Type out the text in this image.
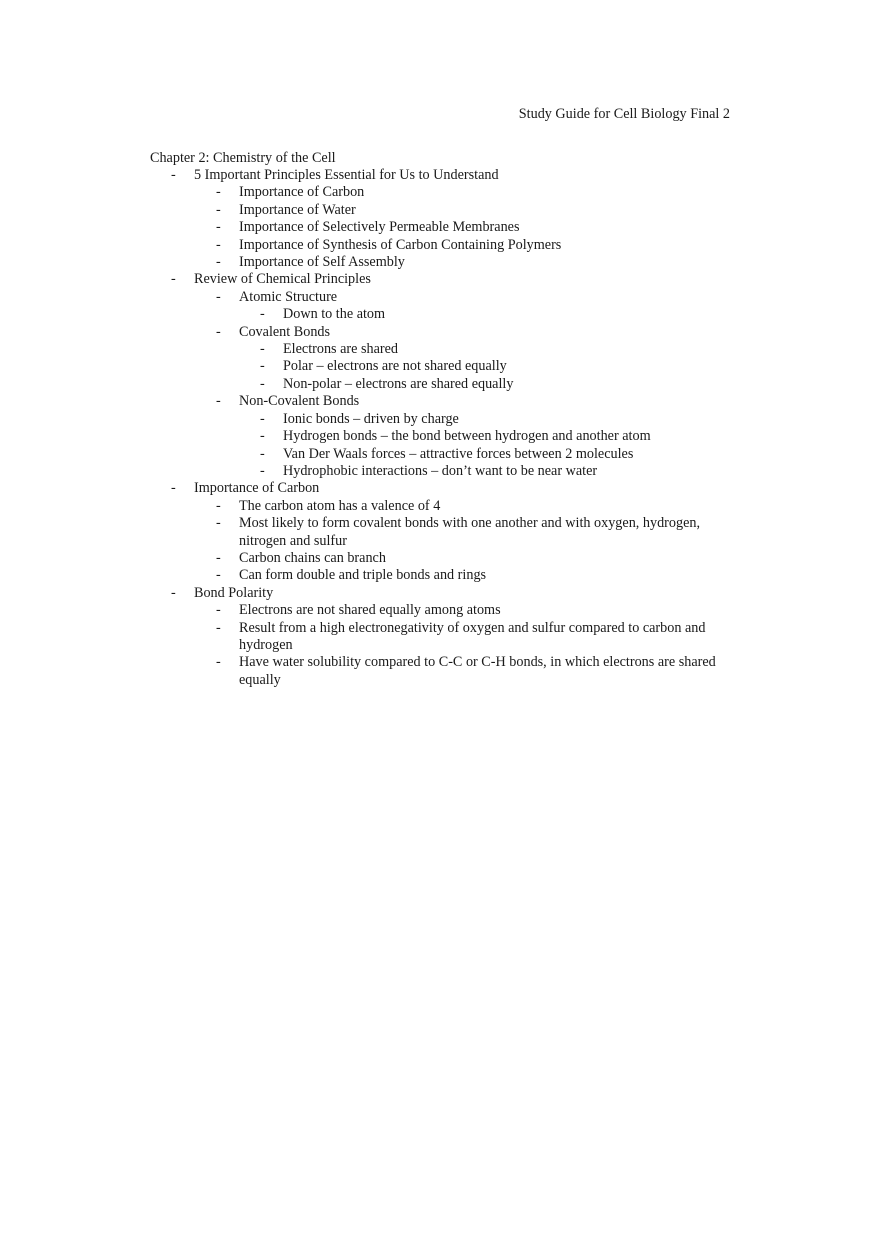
Study Guide for Cell Biology Final 2
Chapter 2: Chemistry of the Cell
- 5 Important Principles Essential for Us to Understand
- Importance of Carbon
- Importance of Water
- Importance of Selectively Permeable Membranes
- Importance of Synthesis of Carbon Containing Polymers
- Importance of Self Assembly
- Review of Chemical Principles
- Atomic Structure
- Down to the atom
- Covalent Bonds
- Electrons are shared
- Polar – electrons are not shared equally
- Non-polar – electrons are shared equally
- Non-Covalent Bonds
- Ionic bonds – driven by charge
- Hydrogen bonds – the bond between hydrogen and another atom
- Van Der Waals forces – attractive forces between 2 molecules
- Hydrophobic interactions – don’t want to be near water
- Importance of Carbon
- The carbon atom has a valence of 4
- Most likely to form covalent bonds with one another and with oxygen, hydrogen, nitrogen and sulfur
- Carbon chains can branch
- Can form double and triple bonds and rings
- Bond Polarity
- Electrons are not shared equally among atoms
- Result from a high electronegativity of oxygen and sulfur compared to carbon and hydrogen
- Have water solubility compared to C-C or C-H bonds, in which electrons are shared equally
